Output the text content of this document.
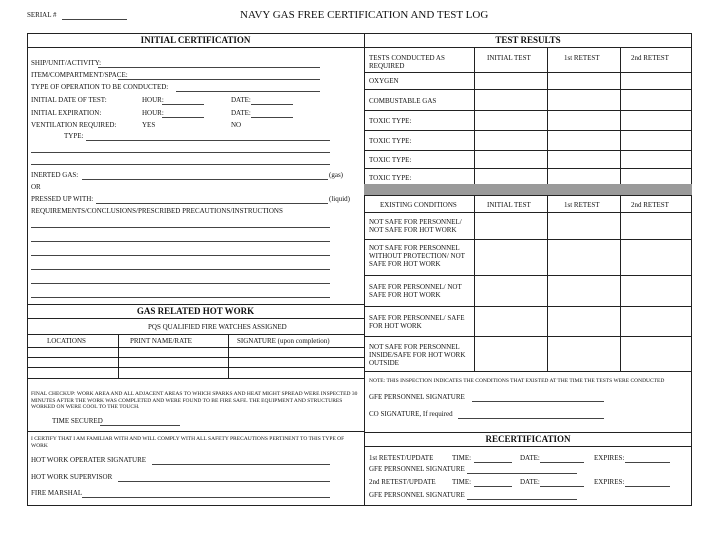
SERIAL #	NAVY GAS FREE CERTIFICATION AND TEST LOG
INITIAL CERTIFICATION
SHIP/UNIT/ACTIVITY:
ITEM/COMPARTMENT/SPACE:
TYPE OF OPERATION TO BE CONDUCTED:
INITIAL DATE OF TEST:	HOUR:	DATE:
INITIAL EXPIRATION:	HOUR:	DATE:
VENTILATION REQUIRED:	YES	NO
TYPE:
INERTED GAS:	(gas)
OR
PRESSED UP WITH:	(liquid)
REQUIREMENTS/CONCLUSIONS/PRESCRIBED PRECAUTIONS/INSTRUCTIONS
GAS RELATED HOT WORK
PQS QUALIFIED FIRE WATCHES ASSIGNED
LOCATIONS	PRINT NAME/RATE	SIGNATURE (upon completion)
FINAL CHECKUP: WORK AREA AND ALL ADJACENT AREAS TO WHICH SPARKS AND HEAT MIGHT SPREAD WERE INSPECTED 30 MINUTES AFTER THE WORK WAS COMPLETED AND WERE FOUND TO BE FIRE SAFE. THE EQUIPMENT AND STRUCTURES WORKED ON WERE COOL TO THE TOUCH.
TIME SECURED
I CERTIFY THAT I AM FAMILIAR WITH AND WILL COMPLY WITH ALL SAFETY PRECAUTIONS PERTINENT TO THIS TYPE OF WORK
HOT WORK OPERATER SIGNATURE
HOT WORK SUPERVISOR
FIRE MARSHAL
TEST RESULTS
TESTS CONDUCTED AS REQUIRED
INITIAL TEST	1st RETEST	2nd RETEST
OXYGEN
COMBUSTABLE GAS
TOXIC TYPE:
TOXIC TYPE:
TOXIC TYPE:
TOXIC TYPE:
EXISTING CONDITIONS	INITIAL TEST	1st RETEST	2nd RETEST
NOT SAFE FOR PERSONNEL/ NOT SAFE FOR HOT WORK
NOT SAFE FOR PERSONNEL WITHOUT PROTECTION/ NOT SAFE FOR HOT WORK
SAFE FOR PERSONNEL/ NOT SAFE FOR HOT WORK
SAFE FOR PERSONNEL/ SAFE FOR HOT WORK
NOT SAFE FOR PERSONNEL INSIDE/SAFE FOR HOT WORK OUTSIDE
NOTE: THIS INSPECTION INDICATES THE CONDITIONS THAT EXISTED AT THE TIME THE TESTS WERE CONDUCTED
GFE PERSONNEL SIGNATURE
CO SIGNATURE, If required
RECERTIFICATION
1st RETEST/UPDATE	TIME:	DATE:	EXPIRES:
GFE PERSONNEL SIGNATURE
2nd RETEST/UPDATE TIME:	DATE:	EXPIRES:
GFE PERSONNEL SIGNATURE
